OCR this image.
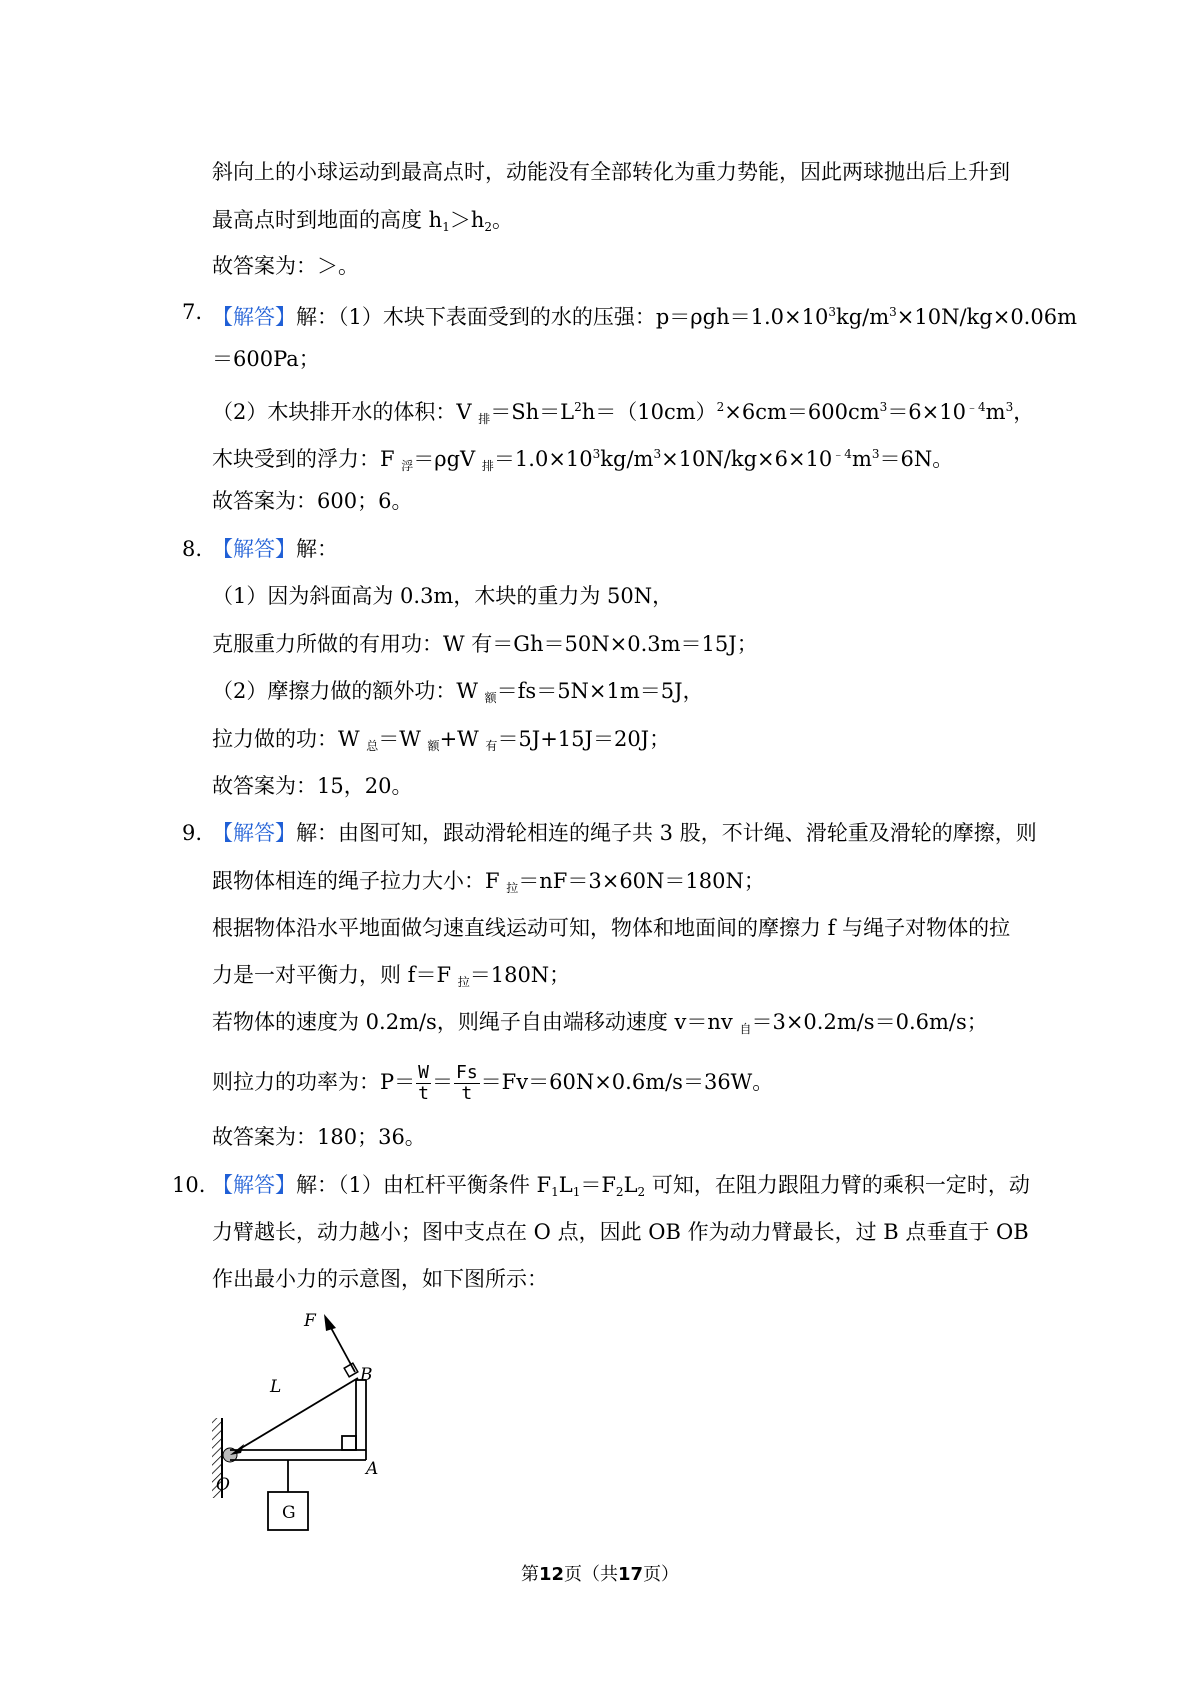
斜向上的小球运动到最高点时，动能没有全部转化为重力势能，因此两球抛出后上升到
最高点时到地面的高度 $h_1>h_2$。
故答案为：＞。
7. 【解答】解：（1）木块下表面受到的水的压强：$p=\rho gh=1.0\times 10^3kg/m^3\times 10N/kg\times 0.06m$
＝600Pa；
（2）木块排开水的体积：V $_排=Sh=L^2h=(10cm)^2\times 6cm=600cm^3=6\times 10^{﹣4}m^3$，
木块受到的浮力：F $_浮$＝ρgV $_排=1.0\times 10^3kg/m^3\times 10N/kg\times 6\times 10^{﹣4}m^3=6N$。
故答案为：600；6。
8. 【解答】解：
（1）因为斜面高为 0.3m，木块的重力为 50N，
克服重力所做的有用功：W 有＝Gh＝50N×0.3m＝15J；
（2）摩擦力做的额外功：W $_额$＝fs＝5N×1m＝5J，
拉力做的功：W $_总$＝W $_额$+W $_有$＝5J+15J＝20J；
故答案为：15，20。
9. 【解答】解：由图可知，跟动滑轮相连的绳子共 3 股，不计绳、滑轮重及滑轮的摩擦，则
跟物体相连的绳子拉力大小：F $_拉$＝nF＝3×60N＝180N；
根据物体沿水平地面做匀速直线运动可知，物体和地面间的摩擦力 f 与绳子对物体的拉
力是一对平衡力，则 f＝F $_拉$＝180N；
若物体的速度为 0.2m/s，则绳子自由端移动速度 v＝nv $_自$＝3×0.2m/s＝0.6m/s；
则拉力的功率为：$P= \frac{W}{t} = \frac{Fs}{t} =Fv=60N\times 0.6m/s=36W$。
故答案为：180；36。
10. 【解答】解：（1）由杠杆平衡条件 $F_1L_1=F_2L_2$ 可知，在阻力跟阻力臂的乘积一定时，动
力臂越长，动力越小；图中支点在 O 点，因此 OB 作为动力臂最长，过 B 点垂直于 OB
作出最小力的示意图，如下图所示：
F
B
L
O
A
G
第12页（共17页）
